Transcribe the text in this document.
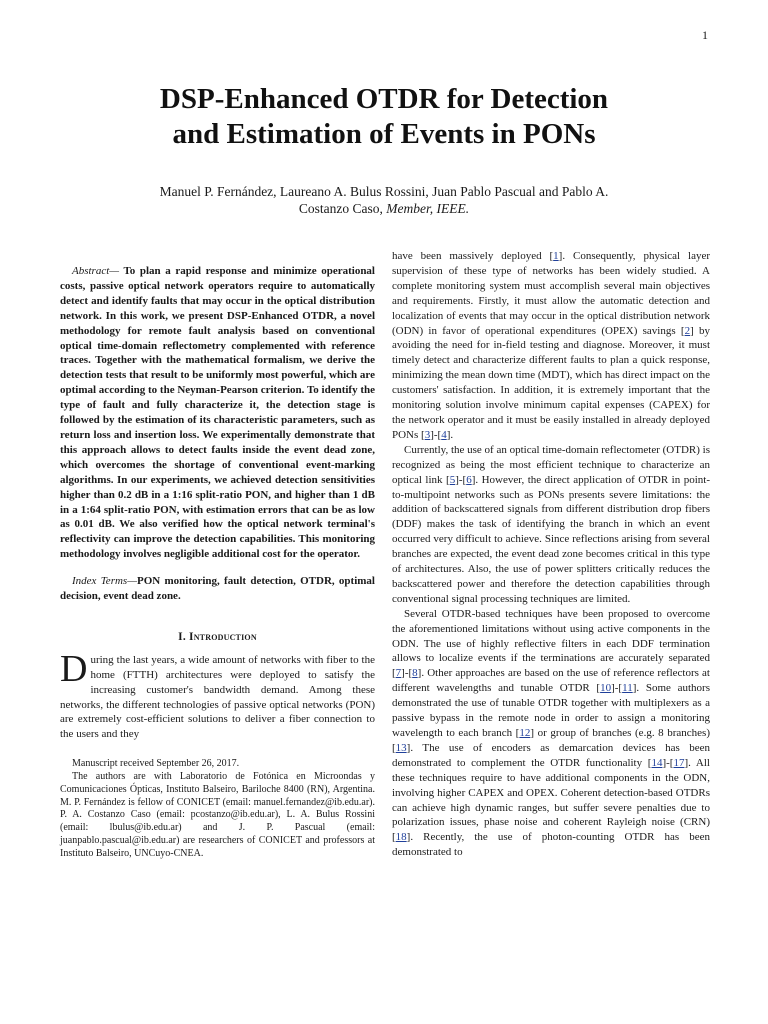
1
DSP-Enhanced OTDR for Detection
and Estimation of Events in PONs
Manuel P. Fernández, Laureano A. Bulus Rossini, Juan Pablo Pascual and Pablo A.
Costanzo Caso, Member, IEEE.

Abstract— To plan a rapid response and minimize operational costs, passive optical network operators require to automatically detect and identify faults that may occur in the optical distribution network. In this work, we present DSP-Enhanced OTDR, a novel methodology for remote fault analysis based on conventional optical time-domain reflectometry complemented with reference traces. Together with the mathematical formalism, we derive the detection tests that result to be uniformly most powerful, which are optimal according to the Neyman-Pearson criterion. To identify the type of fault and fully characterize it, the detection stage is followed by the estimation of its characteristic parameters, such as return loss and insertion loss. We experimentally demonstrate that this approach allows to detect faults inside the event dead zone, which overcomes the shortage of conventional event-marking algorithms. In our experiments, we achieved detection sensitivities higher than 0.2 dB in a 1:16 split-ratio PON, and higher than 1 dB in a 1:64 split-ratio PON, with estimation errors that can be as low as 0.01 dB. We also verified how the optical network terminal's reflectivity can improve the detection capabilities. This monitoring methodology involves negligible additional cost for the operator.

Index Terms—PON monitoring, fault detection, OTDR, optimal decision, event dead zone.

I. Introduction

During the last years, a wide amount of networks with fiber to the home (FTTH) architectures were deployed to satisfy the increasing customer's bandwidth demand. Among these networks, the different technologies of passive optical networks (PON) are extremely cost-efficient solutions to deliver a fiber connection to the users and they

Manuscript received September 26, 2017.

The authors are with Laboratorio de Fotónica en Microondas y Comunicaciones Ópticas, Instituto Balseiro, Bariloche 8400 (RN), Argentina. M. P. Fernández is fellow of CONICET (email: manuel.fernandez@ib.edu.ar). P. A. Costanzo Caso (email: pcostanzo@ib.edu.ar), L. A. Bulus Rossini (email: lbulus@ib.edu.ar) and J. P. Pascual (email: juanpablo.pascual@ib.edu.ar) are researchers of CONICET and professors at Instituto Balseiro, UNCuyo-CNEA.

have been massively deployed [1]. Consequently, physical layer supervision of these type of networks has been widely studied. A complete monitoring system must accomplish several main objectives and requirements. Firstly, it must allow the automatic detection and localization of events that may occur in the optical distribution network (ODN) in favor of operational expenditures (OPEX) savings [2] by avoiding the need for in-field testing and diagnose. Moreover, it must timely detect and characterize different faults to plan a quick response, minimizing the mean down time (MDT), which has direct impact on the customers' satisfaction. In addition, it is extremely important that the monitoring solution involve minimum capital expenses (CAPEX) for the network operator and it must be easily installed in already deployed PONs [3]-[4].

Currently, the use of an optical time-domain reflectometer (OTDR) is recognized as being the most efficient technique to characterize an optical link [5]-[6]. However, the direct application of OTDR in point-to-multipoint networks such as PONs presents severe limitations: the addition of backscattered signals from different distribution drop fibers (DDF) makes the task of identifying the branch in which an event occurred very difficult to achieve. Since reflections arising from several branches are expected, the event dead zone becomes critical in this type of architectures. Also, the use of power splitters critically reduces the backscattered power and therefore the detection capabilities through conventional signal processing techniques are limited.

Several OTDR-based techniques have been proposed to overcome the aforementioned limitations without using active components in the ODN. The use of highly reflective filters in each DDF termination allows to localize events if the terminations are accurately separated [7]-[8]. Other approaches are based on the use of reference reflectors at different wavelengths and tunable OTDR [10]-[11]. Some authors demonstrated the use of tunable OTDR together with multiplexers as a passive bypass in the remote node in order to assign a monitoring wavelength to each branch [12] or group of branches (e.g. 8 branches) [13]. The use of encoders as demarcation devices has been demonstrated to complement the OTDR functionality [14]-[17]. All these techniques require to have additional components in the ODN, involving higher CAPEX and OPEX. Coherent detection-based OTDRs can achieve high dynamic ranges, but suffer severe penalties due to polarization issues, phase noise and coherent Rayleigh noise (CRN) [18]. Recently, the use of photon-counting OTDR has been demonstrated to
